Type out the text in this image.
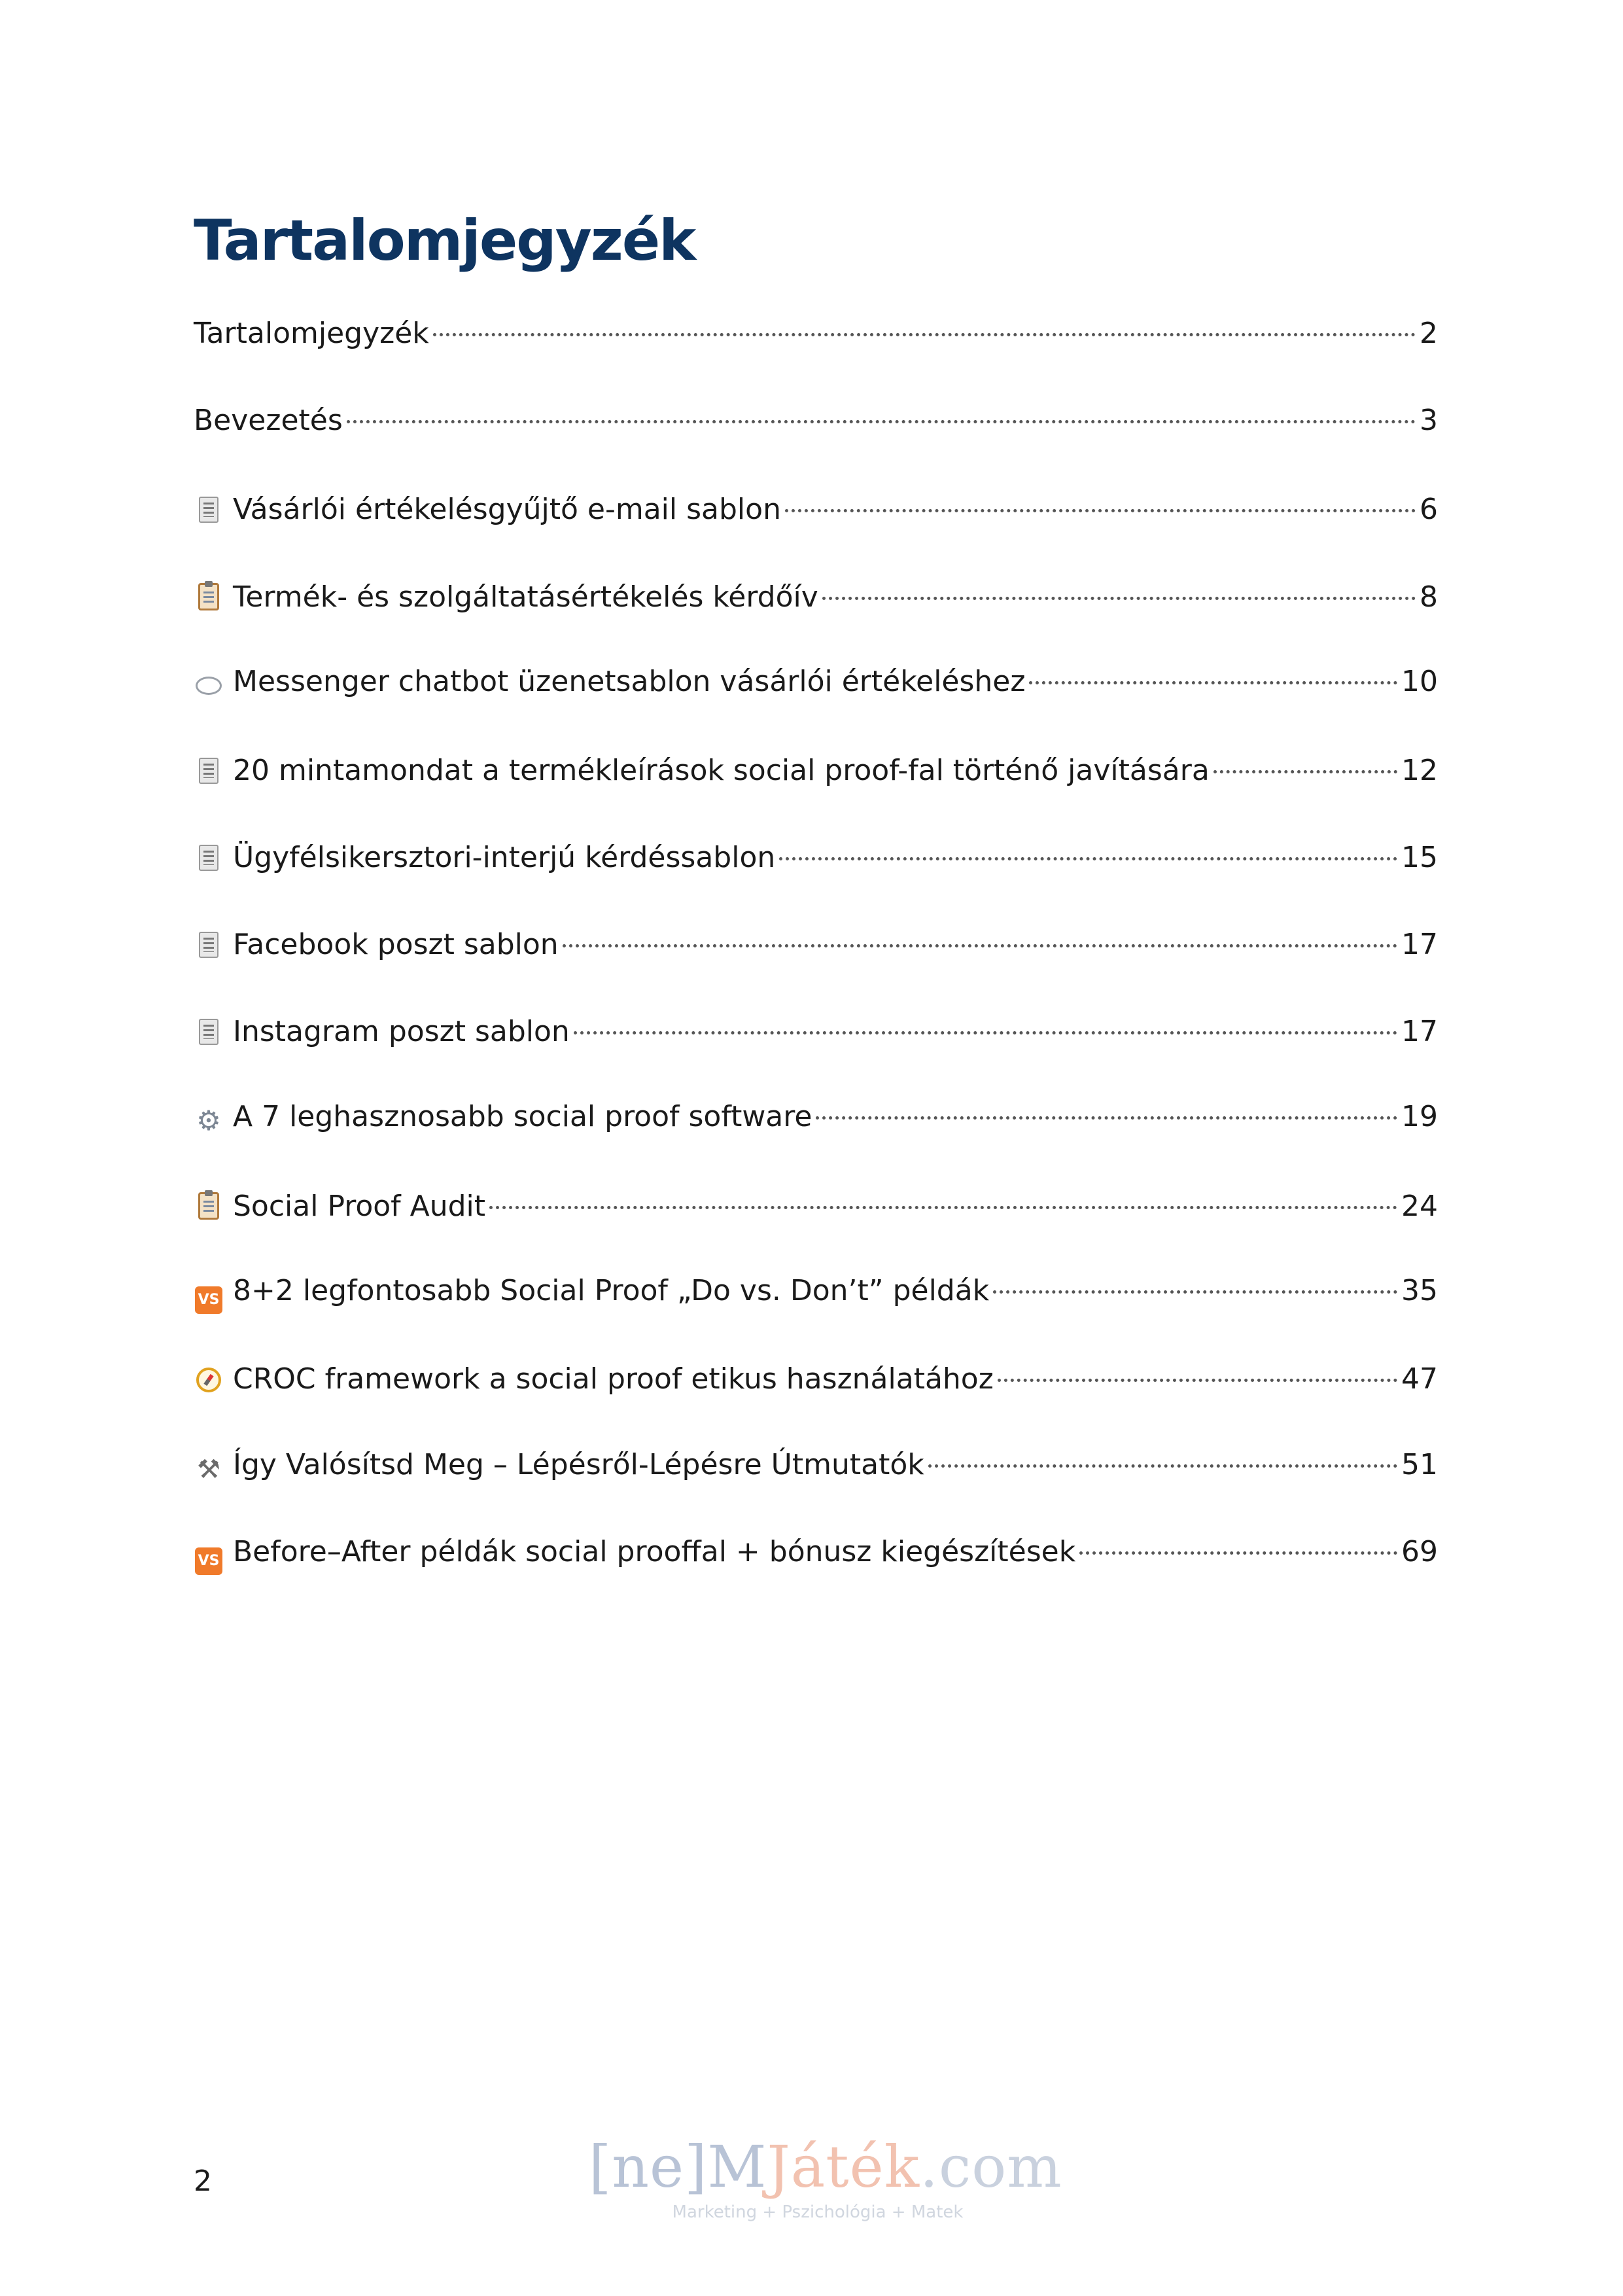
Tartalomjegyzék
Tartalomjegyzék	2
Bevezetés	3
Vásárlói értékelésgyűjtő e-mail sablon	6
Termék- és szolgáltatásértékelés kérdőív	8
Messenger chatbot üzenetsablon vásárlói értékeléshez	10
20 mintamondat a termékleírások social proof-fal történő javítására	12
Ügyfélsikersztori-interjú kérdéssablon	15
Facebook poszt sablon	17
Instagram poszt sablon	17
⚙ A 7 leghasznosabb social proof software	19
Social Proof Audit	24
VS 8+2 legfontosabb Social Proof „Do vs. Don’t” példák	35
CROC framework a social proof etikus használatához	47
⚒ Így Valósítsd Meg – Lépésről-Lépésre Útmutatók	51
VS Before–After példák social prooffal + bónusz kiegészítések	69
2	[ne]MJáték.com
Marketing + Pszichológia + Matek
